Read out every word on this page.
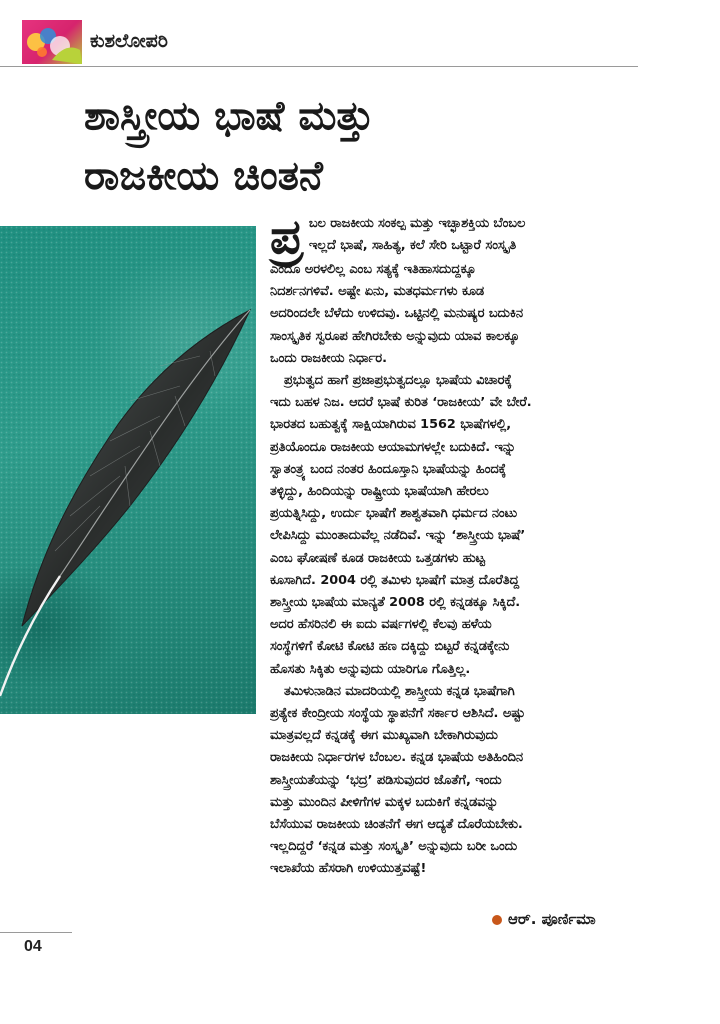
ಕುಶಲೋಪರಿ
ಶಾಸ್ತ್ರೀಯ ಭಾಷೆ ಮತ್ತು
ರಾಜಕೀಯ ಚಿಂತನೆ

ಪ್ರ ಬಲ ರಾಜಕೀಯ ಸಂಕಲ್ಪ ಮತ್ತು ಇಚ್ಛಾಶಕ್ತಿಯ ಬೆಂಬಲ
ಇಲ್ಲದೆ ಭಾಷೆ, ಸಾಹಿತ್ಯ, ಕಲೆ ಸೇರಿ ಒಟ್ಟಾರೆ ಸಂಸ್ಕೃತಿ
ಎಂದೂ ಅರಳಲಿಲ್ಲ ಎಂಬ ಸತ್ಯಕ್ಕೆ ಇತಿಹಾಸದುದ್ದಕ್ಕೂ
ನಿದರ್ಶನಗಳಿವೆ. ಅಷ್ಟೇ ಏನು, ಮತಧರ್ಮಗಳು ಕೂಡ
ಅದರಿಂದಲೇ ಬೆಳೆದು ಉಳಿದವು. ಒಟ್ಟಿನಲ್ಲಿ ಮನುಷ್ಯರ ಬದುಕಿನ
ಸಾಂಸ್ಕೃತಿಕ ಸ್ವರೂಪ ಹೇಗಿರಬೇಕು ಅನ್ನುವುದು ಯಾವ ಕಾಲಕ್ಕೂ
ಒಂದು ರಾಜಕೀಯ ನಿರ್ಧಾರ.

ಪ್ರಭುತ್ವದ ಹಾಗೆ ಪ್ರಜಾಪ್ರಭುತ್ವದಲ್ಲೂ ಭಾಷೆಯ ವಿಚಾರಕ್ಕೆ
ಇದು ಬಹಳ ನಿಜ. ಆದರೆ ಭಾಷೆ ಕುರಿತ ‘ರಾಜಕೀಯ’ ವೇ ಬೇರೆ.
ಭಾರತದ ಬಹುತ್ವಕ್ಕೆ ಸಾಕ್ಷಿಯಾಗಿರುವ 1562 ಭಾಷೆಗಳಲ್ಲಿ,
ಪ್ರತಿಯೊಂದೂ ರಾಜಕೀಯ ಆಯಾಮಗಳಲ್ಲೇ ಬದುಕಿದೆ. ಇನ್ನು
ಸ್ವಾತಂತ್ರ್ಯ ಬಂದ ನಂತರ ಹಿಂದೂಸ್ತಾನಿ ಭಾಷೆಯನ್ನು ಹಿಂದಕ್ಕೆ
ತಳ್ಳಿದ್ದು, ಹಿಂದಿಯನ್ನು ರಾಷ್ಟ್ರೀಯ ಭಾಷೆಯಾಗಿ ಹೇರಲು
ಪ್ರಯತ್ನಿಸಿದ್ದು, ಉರ್ದು ಭಾಷೆಗೆ ಶಾಶ್ವತವಾಗಿ ಧರ್ಮದ ನಂಟು
ಲೇಪಿಸಿದ್ದು ಮುಂತಾದುವೆಲ್ಲ ನಡೆದಿವೆ. ಇನ್ನು ‘ಶಾಸ್ತ್ರೀಯ ಭಾಷೆ’
ಎಂಬ ಘೋಷಣೆ ಕೂಡ ರಾಜಕೀಯ ಒತ್ತಡಗಳು ಹುಟ್ಟ
ಕೂಸಾಗಿದೆ. 2004 ರಲ್ಲಿ ತಮಿಳು ಭಾಷೆಗೆ ಮಾತ್ರ ದೊರೆತಿದ್ದ
ಶಾಸ್ತ್ರೀಯ ಭಾಷೆಯ ಮಾನ್ಯತೆ 2008 ರಲ್ಲಿ ಕನ್ನಡಕ್ಕೂ ಸಿಕ್ಕಿದೆ.
ಅದರ ಹೆಸರಿನಲಿ ಈ ಐದು ವರ್ಷಗಳಲ್ಲಿ ಕೆಲವು ಹಳೆಯ
ಸಂಸ್ಥೆಗಳಿಗೆ ಕೋಟಿ ಕೋಟಿ ಹಣ ದಕ್ಕಿದ್ದು ಬಿಟ್ಟರೆ ಕನ್ನಡಕ್ಕೇನು
ಹೊಸತು ಸಿಕ್ಕಿತು ಅನ್ನುವುದು ಯಾರಿಗೂ ಗೊತ್ತಿಲ್ಲ.

ತಮಿಳುನಾಡಿನ ಮಾದರಿಯಲ್ಲಿ ಶಾಸ್ತ್ರೀಯ ಕನ್ನಡ ಭಾಷೆಗಾಗಿ
ಪ್ರತ್ಯೇಕ ಕೇಂದ್ರೀಯ ಸಂಸ್ಥೆಯ ಸ್ಥಾಪನೆಗೆ ಸರ್ಕಾರ ಆಶಿಸಿದೆ. ಅಷ್ಟು
ಮಾತ್ರವಲ್ಲದೆ ಕನ್ನಡಕ್ಕೆ ಈಗ ಮುಖ್ಯವಾಗಿ ಬೇಕಾಗಿರುವುದು
ರಾಜಕೀಯ ನಿರ್ಧಾರಗಳ ಬೆಂಬಲ. ಕನ್ನಡ ಭಾಷೆಯ ಅತಿಹಿಂದಿನ
ಶಾಸ್ತ್ರೀಯತೆಯನ್ನು ‘ಭದ್ರ’ ಪಡಿಸುವುದರ ಜೊತೆಗೆ, ಇಂದು
ಮತ್ತು ಮುಂದಿನ ಪೀಳಿಗೆಗಳ ಮಕ್ಕಳ ಬದುಕಿಗೆ ಕನ್ನಡವನ್ನು
ಬೆಸೆಯುವ ರಾಜಕೀಯ ಚಿಂತನೆಗೆ ಈಗ ಆದ್ಯತೆ ದೊರೆಯಬೇಕು.
ಇಲ್ಲದಿದ್ದರೆ ‘ಕನ್ನಡ ಮತ್ತು ಸಂಸ್ಕೃತಿ’ ಅನ್ನುವುದು ಬರೀ ಒಂದು
ಇಲಾಖೆಯ ಹೆಸರಾಗಿ ಉಳಿಯುತ್ತವಷ್ಟೆ!

ಆರ್. ಪೂರ್ಣಿಮಾ
04
